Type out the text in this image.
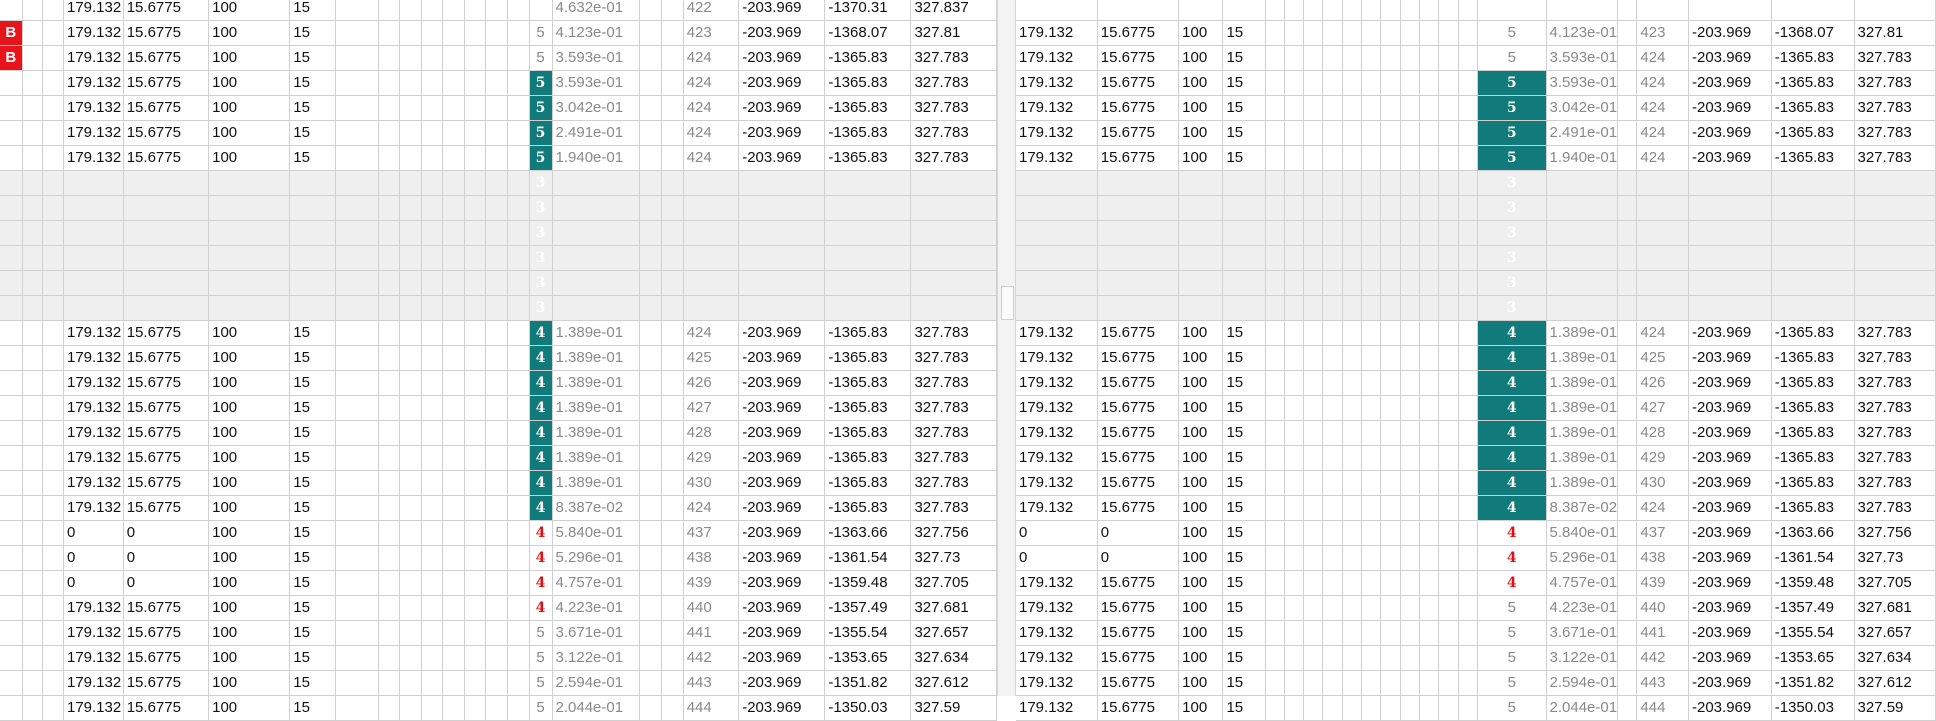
			179.132	15.6775	100	15										4.632e-01			422	-203.969	-1370.31	327.837
B			179.132	15.6775	100	15									5	4.123e-01			423	-203.969	-1368.07	327.81
B			179.132	15.6775	100	15									5	3.593e-01			424	-203.969	-1365.83	327.783
			179.132	15.6775	100	15									5	3.593e-01			424	-203.969	-1365.83	327.783
			179.132	15.6775	100	15									5	3.042e-01			424	-203.969	-1365.83	327.783
			179.132	15.6775	100	15									5	2.491e-01			424	-203.969	-1365.83	327.783
			179.132	15.6775	100	15									5	1.940e-01			424	-203.969	-1365.83	327.783
															3							
															3							
															3							
															3							
															3							
															3							
			179.132	15.6775	100	15									4	1.389e-01			424	-203.969	-1365.83	327.783
			179.132	15.6775	100	15									4	1.389e-01			425	-203.969	-1365.83	327.783
			179.132	15.6775	100	15									4	1.389e-01			426	-203.969	-1365.83	327.783
			179.132	15.6775	100	15									4	1.389e-01			427	-203.969	-1365.83	327.783
			179.132	15.6775	100	15									4	1.389e-01			428	-203.969	-1365.83	327.783
			179.132	15.6775	100	15									4	1.389e-01			429	-203.969	-1365.83	327.783
			179.132	15.6775	100	15									4	1.389e-01			430	-203.969	-1365.83	327.783
			179.132	15.6775	100	15									4	8.387e-02			424	-203.969	-1365.83	327.783
			0	0	100	15									4	5.840e-01			437	-203.969	-1363.66	327.756
			0	0	100	15									4	5.296e-01			438	-203.969	-1361.54	327.73
			0	0	100	15									4	4.757e-01			439	-203.969	-1359.48	327.705
			179.132	15.6775	100	15									4	4.223e-01			440	-203.969	-1357.49	327.681
			179.132	15.6775	100	15									5	3.671e-01			441	-203.969	-1355.54	327.657
			179.132	15.6775	100	15									5	3.122e-01			442	-203.969	-1353.65	327.634
			179.132	15.6775	100	15									5	2.594e-01			443	-203.969	-1351.82	327.612
			179.132	15.6775	100	15									5	2.044e-01			444	-203.969	-1350.03	327.59

179.132	15.6775	100	15												5	4.123e-01		423	-203.969	-1368.07	327.81
179.132	15.6775	100	15												5	3.593e-01		424	-203.969	-1365.83	327.783
179.132	15.6775	100	15												5	3.593e-01		424	-203.969	-1365.83	327.783
179.132	15.6775	100	15												5	3.042e-01		424	-203.969	-1365.83	327.783
179.132	15.6775	100	15												5	2.491e-01		424	-203.969	-1365.83	327.783
179.132	15.6775	100	15												5	1.940e-01		424	-203.969	-1365.83	327.783
															3						
															3						
															3						
															3						
															3						
															3						
179.132	15.6775	100	15												4	1.389e-01		424	-203.969	-1365.83	327.783
179.132	15.6775	100	15												4	1.389e-01		425	-203.969	-1365.83	327.783
179.132	15.6775	100	15												4	1.389e-01		426	-203.969	-1365.83	327.783
179.132	15.6775	100	15												4	1.389e-01		427	-203.969	-1365.83	327.783
179.132	15.6775	100	15												4	1.389e-01		428	-203.969	-1365.83	327.783
179.132	15.6775	100	15												4	1.389e-01		429	-203.969	-1365.83	327.783
179.132	15.6775	100	15												4	1.389e-01		430	-203.969	-1365.83	327.783
179.132	15.6775	100	15												4	8.387e-02		424	-203.969	-1365.83	327.783
0	0	100	15												4	5.840e-01		437	-203.969	-1363.66	327.756
0	0	100	15												4	5.296e-01		438	-203.969	-1361.54	327.73
179.132	15.6775	100	15												4	4.757e-01		439	-203.969	-1359.48	327.705
179.132	15.6775	100	15												5	4.223e-01		440	-203.969	-1357.49	327.681
179.132	15.6775	100	15												5	3.671e-01		441	-203.969	-1355.54	327.657
179.132	15.6775	100	15												5	3.122e-01		442	-203.969	-1353.65	327.634
179.132	15.6775	100	15												5	2.594e-01		443	-203.969	-1351.82	327.612
179.132	15.6775	100	15												5	2.044e-01		444	-203.969	-1350.03	327.59
